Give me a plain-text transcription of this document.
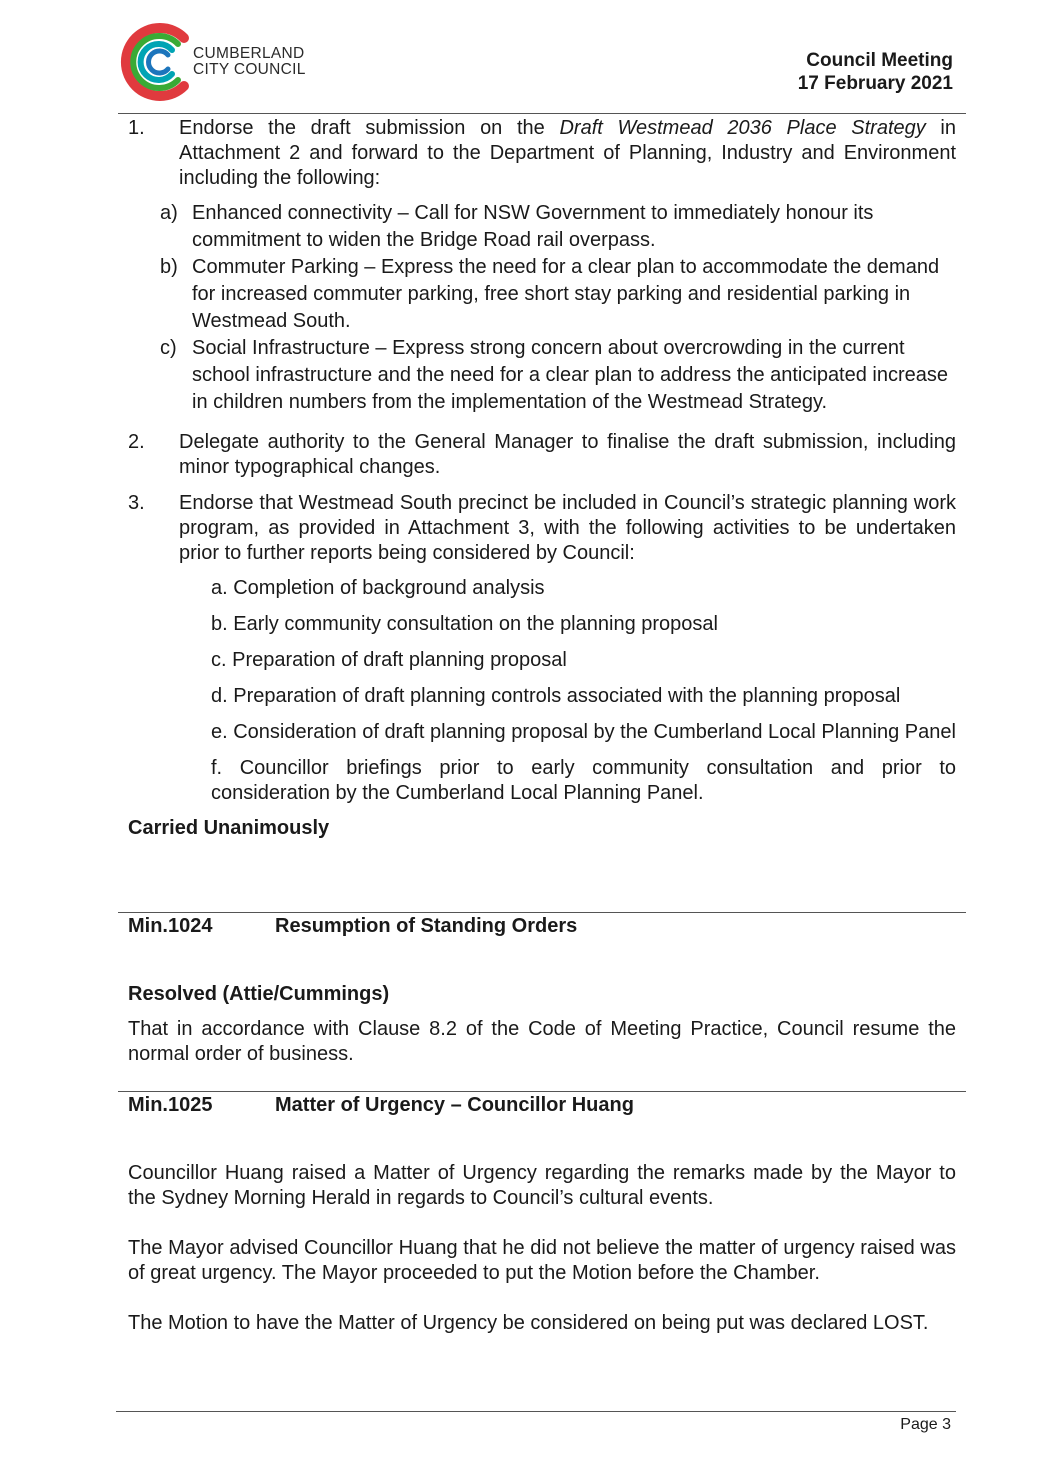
CUMBERLAND
CITY COUNCIL	Council Meeting
17 February 2021
1. Endorse the draft submission on the Draft Westmead 2036 Place Strategy in Attachment 2 and forward to the Department of Planning, Industry and Environment including the following:
a) Enhanced connectivity – Call for NSW Government to immediately honour its commitment to widen the Bridge Road rail overpass.
b) Commuter Parking – Express the need for a clear plan to accommodate the demand for increased commuter parking, free short stay parking and residential parking in Westmead South.
c) Social Infrastructure – Express strong concern about overcrowding in the current school infrastructure and the need for a clear plan to address the anticipated increase in children numbers from the implementation of the Westmead Strategy.
2. Delegate authority to the General Manager to finalise the draft submission, including minor typographical changes.
3. Endorse that Westmead South precinct be included in Council’s strategic planning work program, as provided in Attachment 3, with the following activities to be undertaken prior to further reports being considered by Council:
a. Completion of background analysis
b. Early community consultation on the planning proposal
c. Preparation of draft planning proposal
d. Preparation of draft planning controls associated with the planning proposal
e. Consideration of draft planning proposal by the Cumberland Local Planning Panel
f. Councillor briefings prior to early community consultation and prior to consideration by the Cumberland Local Planning Panel.
Carried Unanimously
Min.1024	Resumption of Standing Orders
Resolved (Attie/Cummings)
That in accordance with Clause 8.2 of the Code of Meeting Practice, Council resume the normal order of business.
Min.1025	Matter of Urgency – Councillor Huang
Councillor Huang raised a Matter of Urgency regarding the remarks made by the Mayor to the Sydney Morning Herald in regards to Council’s cultural events.
The Mayor advised Councillor Huang that he did not believe the matter of urgency raised was of great urgency. The Mayor proceeded to put the Motion before the Chamber.
The Motion to have the Matter of Urgency be considered on being put was declared LOST.
Page 3
